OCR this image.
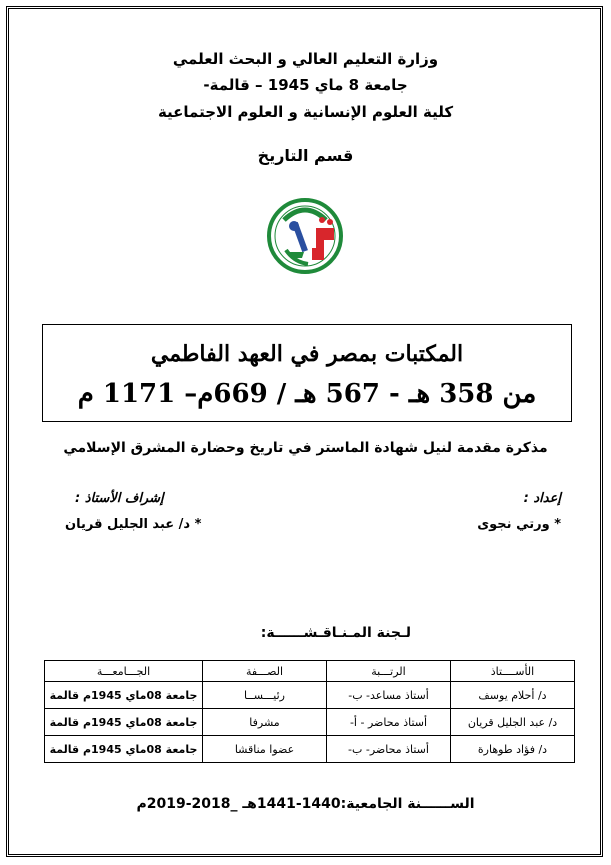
وزارة التعليم العالي و البحث العلمي
جامعة 8 ماي 1945 – قالمة-
كلية العلوم الإنسانية و العلوم الاجتماعية
قسم التاريخ
المكتبات بمصر في العهد الفاطمي
من 358 هـ - 567 هـ / 669م– 1171 م
مذكرة مقدمة لنيل شهادة الماستر في تاريخ وحضارة المشرق الإسلامي
إعداد :
* ورتي نجوى
إشراف الأستاذ :
* د/ عبد الجليل قريان
لـجنة المـنـاقـشــــــة:
الأســــتاذ	الرتـــبة	الصـــفة	الجـــامعـــة
د/ أحلام يوسف	أستاذ مساعد- ب-	رئيـــســا	جامعة 08ماي 1945م قالمة
د/ عبد الجليل قريان	أستاذ محاضر - أ-	مشرفا	جامعة 08ماي 1945م قالمة
د/ فؤاد طوهارة	أستاذ محاضر- ب-	عضوا مناقشا	جامعة 08ماي 1945م قالمة
الســــــنة الجامعية:1440-1441هـ _2018-2019م
